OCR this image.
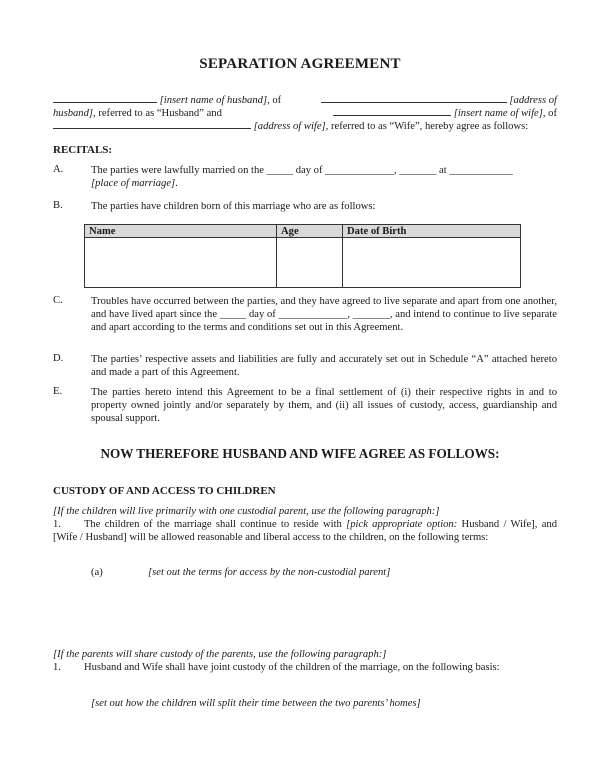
SEPARATION AGREEMENT
[insert name of husband], of	[address of
husband], referred to as “Husband” and	[insert name of wife], of
[address of wife], referred to as “Wife”, hereby agree as follows:
RECITALS:
A.	The parties were lawfully married on the _____ day of _____________, _______ at ____________
[place of marriage].
B.	The parties have children born of this marriage who are as follows:
Name	Age	Date of Birth

C.	Troubles have occurred between the parties, and they have agreed to live separate and apart from one another, and have lived apart since the _____ day of _____________, _______, and intend to continue to live separate and apart according to the terms and conditions set out in this Agreement.
D.	The parties’ respective assets and liabilities are fully and accurately set out in Schedule “A” attached hereto and made a part of this Agreement.
E.	The parties hereto intend this Agreement to be a final settlement of (i) their respective rights in and to property owned jointly and/or separately by them, and (ii) all issues of custody, access, guardianship and spousal support.
NOW THEREFORE HUSBAND AND WIFE AGREE AS FOLLOWS:
CUSTODY OF AND ACCESS TO CHILDREN
[If the children will live primarily with one custodial parent, use the following paragraph:]
1. The children of the marriage shall continue to reside with [pick appropriate option: Husband / Wife], and [Wife / Husband] will be allowed reasonable and liberal access to the children, on the following terms:
(a)	[set out the terms for access by the non-custodial parent]
[If the parents will share custody of the parents, use the following paragraph:]
1. Husband and Wife shall have joint custody of the children of the marriage, on the following basis:
[set out how the children will split their time between the two parents’ homes]
